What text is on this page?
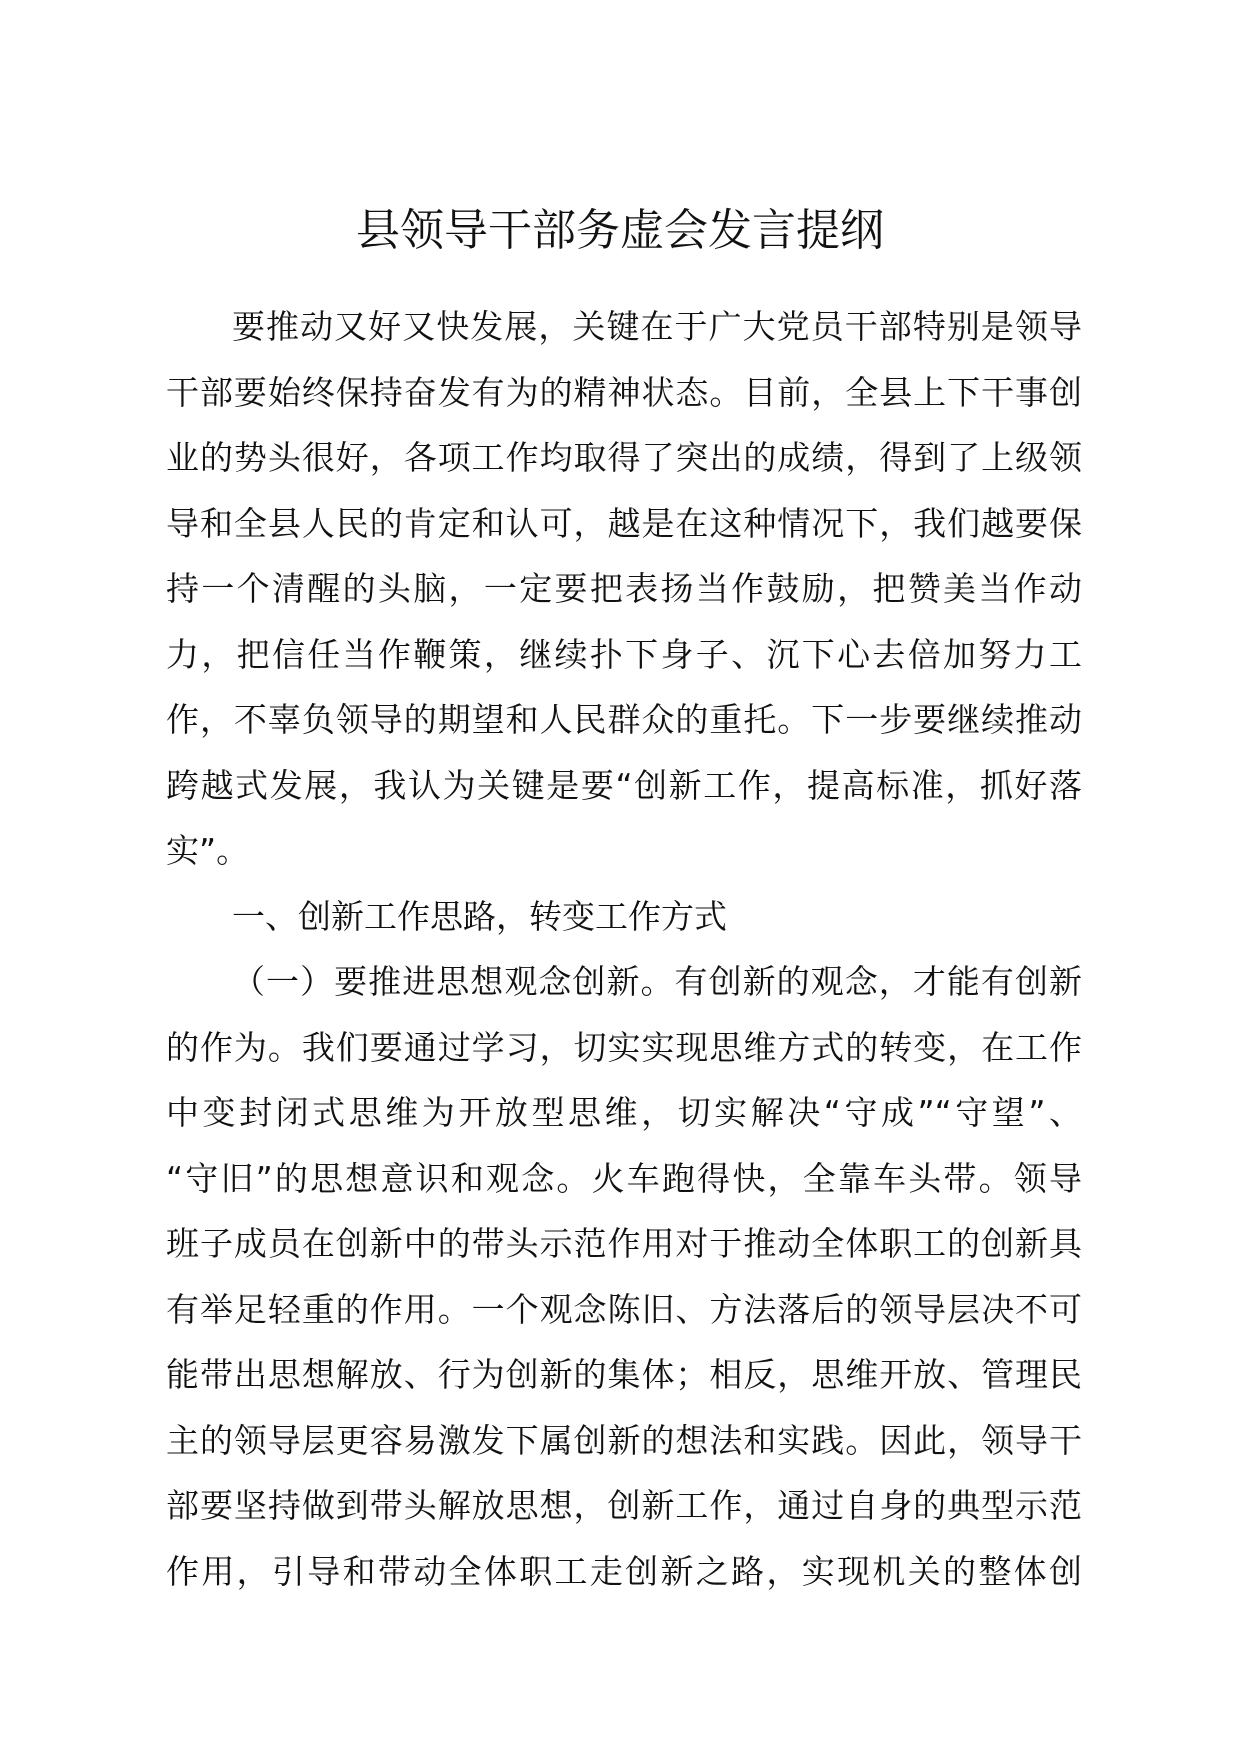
县领导干部务虚会发言提纲
要推动又好又快发展，关键在于广大党员干部特别是领导
干部要始终保持奋发有为的精神状态。目前，全县上下干事创
业的势头很好，各项工作均取得了突出的成绩，得到了上级领
导和全县人民的肯定和认可，越是在这种情况下，我们越要保
持一个清醒的头脑，一定要把表扬当作鼓励，把赞美当作动
力，把信任当作鞭策，继续扑下身子、沉下心去倍加努力工
作，不辜负领导的期望和人民群众的重托。下一步要继续推动
跨越式发展，我认为关键是要“创新工作，提高标准，抓好落
实”。
一、创新工作思路，转变工作方式
（一）要推进思想观念创新。有创新的观念，才能有创新
的作为。我们要通过学习，切实实现思维方式的转变，在工作
中变封闭式思维为开放型思维，切实解决“守成”“守望”、
“守旧”的思想意识和观念。火车跑得快，全靠车头带。领导
班子成员在创新中的带头示范作用对于推动全体职工的创新具
有举足轻重的作用。一个观念陈旧、方法落后的领导层决不可
能带出思想解放、行为创新的集体；相反，思维开放、管理民
主的领导层更容易激发下属创新的想法和实践。因此，领导干
部要坚持做到带头解放思想，创新工作，通过自身的典型示范
作用，引导和带动全体职工走创新之路，实现机关的整体创
